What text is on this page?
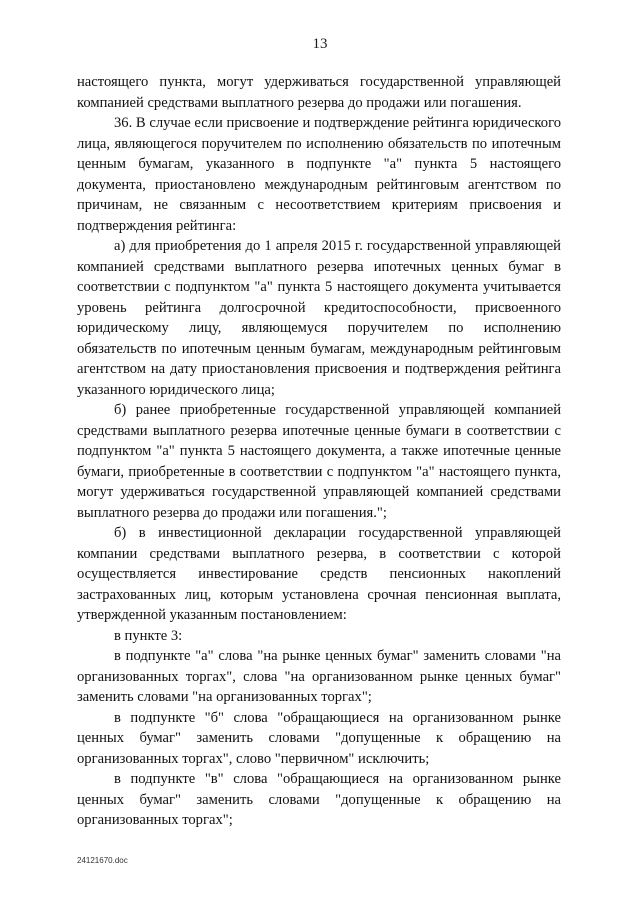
13

настоящего пункта, могут удерживаться государственной управляющей компанией средствами выплатного резерва до продажи или погашения.

36. В случае если присвоение и подтверждение рейтинга юридического лица, являющегося поручителем по исполнению обязательств по ипотечным ценным бумагам, указанного в подпункте "а" пункта 5 настоящего документа, приостановлено международным рейтинговым агентством по причинам, не связанным с несоответствием критериям присвоения и подтверждения рейтинга:

а) для приобретения до 1 апреля 2015 г. государственной управляющей компанией средствами выплатного резерва ипотечных ценных бумаг в соответствии с подпунктом "а" пункта 5 настоящего документа учитывается уровень рейтинга долгосрочной кредитоспособности, присвоенного юридическому лицу, являющемуся поручителем по исполнению обязательств по ипотечным ценным бумагам, международным рейтинговым агентством на дату приостановления присвоения и подтверждения рейтинга указанного юридического лица;

б) ранее приобретенные государственной управляющей компанией средствами выплатного резерва ипотечные ценные бумаги в соответствии с подпунктом "а" пункта 5 настоящего документа, а также ипотечные ценные бумаги, приобретенные в соответствии с подпунктом "а" настоящего пункта, могут удерживаться государственной управляющей компанией средствами выплатного резерва до продажи или погашения.";

б) в инвестиционной декларации государственной управляющей компании средствами выплатного резерва, в соответствии с которой осуществляется инвестирование средств пенсионных накоплений застрахованных лиц, которым установлена срочная пенсионная выплата, утвержденной указанным постановлением:

в пункте 3:

в подпункте "а" слова "на рынке ценных бумаг" заменить словами "на организованных торгах", слова "на организованном рынке ценных бумаг" заменить словами "на организованных торгах";

в подпункте "б" слова "обращающиеся на организованном рынке ценных бумаг" заменить словами "допущенные к обращению на организованных торгах", слово "первичном" исключить;

в подпункте "в" слова "обращающиеся на организованном рынке ценных бумаг" заменить словами "допущенные к обращению на организованных торгах";

24121670.doc
